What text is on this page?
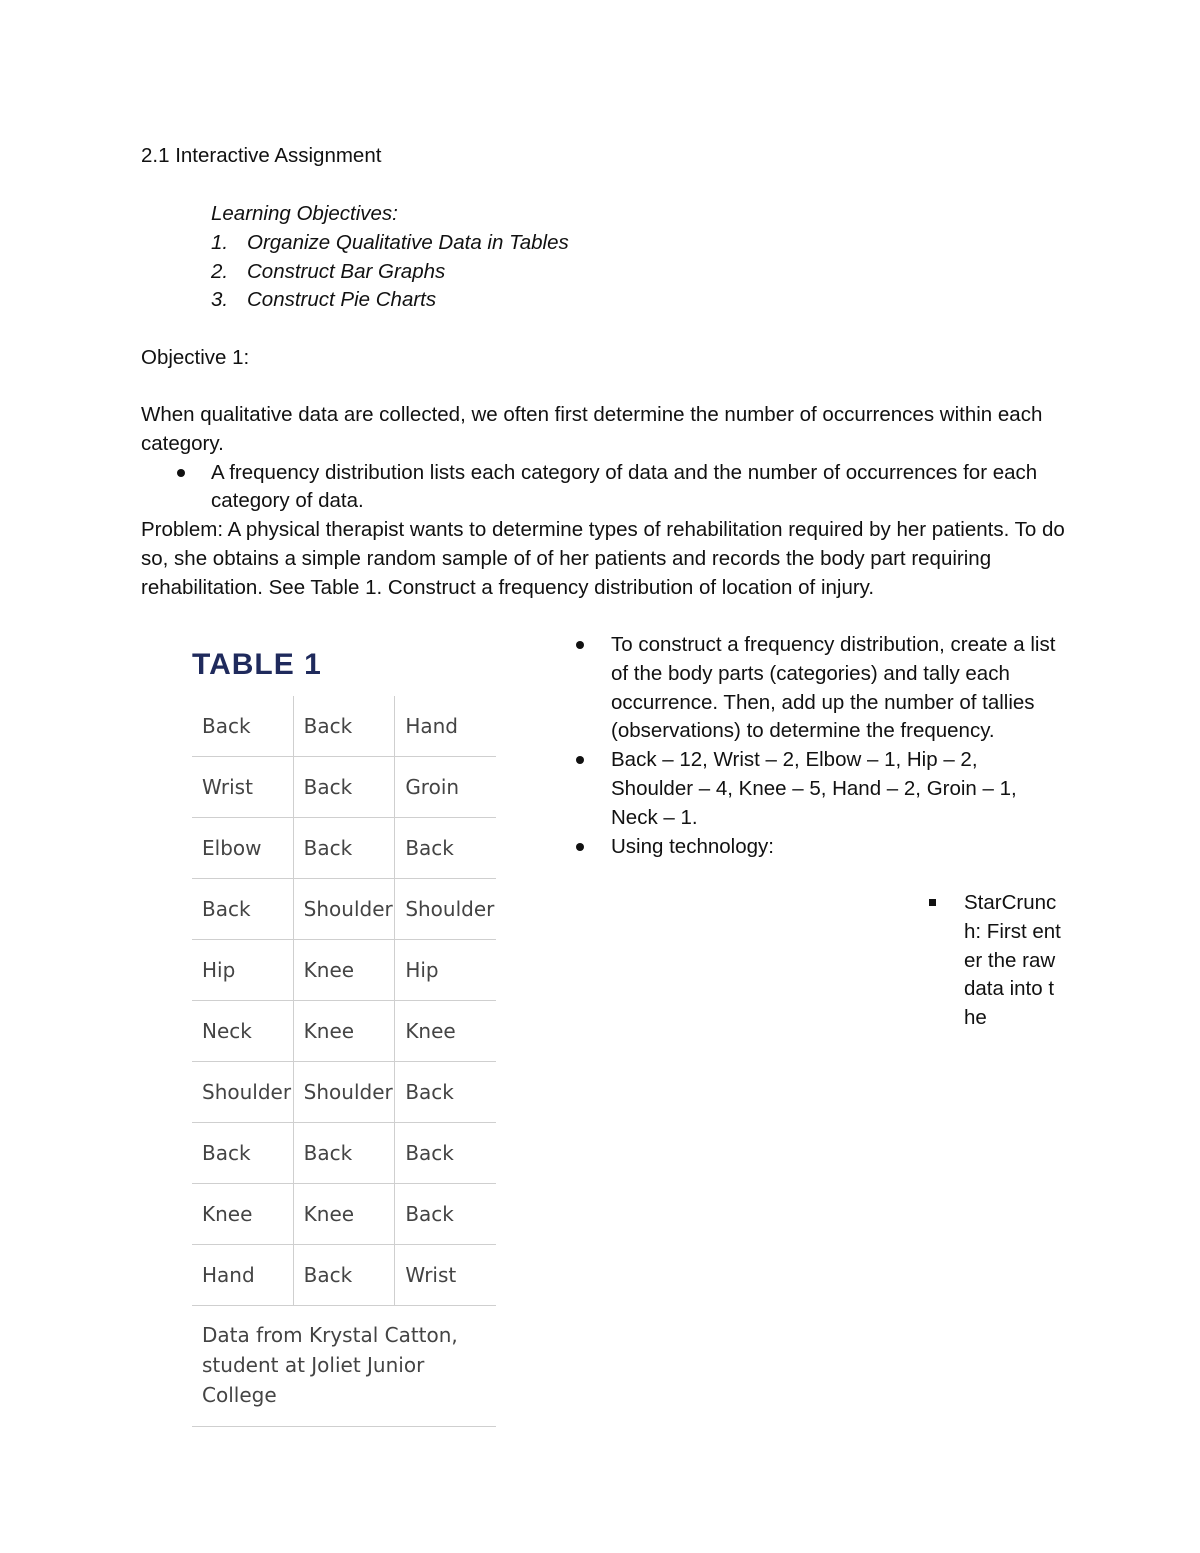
2.1 Interactive Assignment
Learning Objectives:
1. Organize Qualitative Data in Tables
2. Construct Bar Graphs
3. Construct Pie Charts
Objective 1:

When qualitative data are collected, we often first determine the number of occurrences within each category.

A frequency distribution lists each category of data and the number of occurrences for each category of data.

Problem: A physical therapist wants to determine types of rehabilitation required by her patients. To do so, she obtains a simple random sample of of her patients and records the body part requiring rehabilitation. See Table 1. Construct a frequency distribution of location of injury.

TABLE 1
Back	Back	Hand
Wrist	Back	Groin
Elbow	Back	Back
Back	Shoulder	Shoulder
Hip	Knee	Hip
Neck	Knee	Knee
Shoulder	Shoulder	Back
Back	Back	Back
Knee	Knee	Back
Hand	Back	Wrist
Data from Krystal Catton,
student at Joliet Junior College
To construct a frequency distribution, create a list of the body parts (categories) and tally each occurrence. Then, add up the number of tallies (observations) to determine the frequency.
Back – 12, Wrist – 2, Elbow – 1, Hip – 2, Shoulder – 4, Knee – 5, Hand – 2, Groin – 1, Neck – 1.
Using technology:
StarCrunch: First enter the raw data into the
